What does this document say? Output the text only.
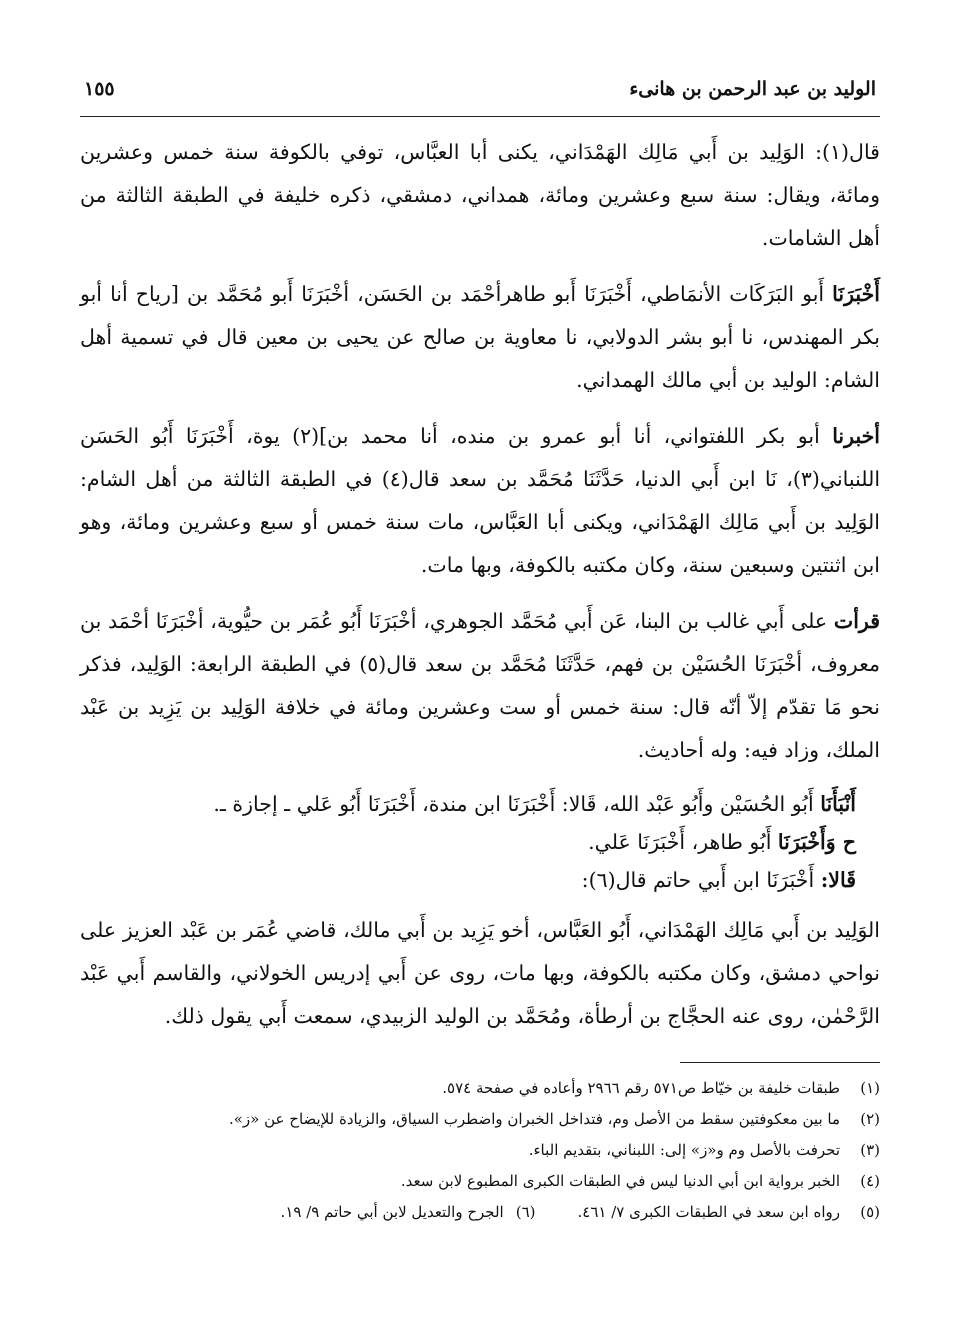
الوليد بن عبد الرحمن بن هانىء
١٥٥

قال(١): الوَلِيد بن أَبي مَالِك الهَمْدَاني، يكنى أبا العبَّاس، توفي بالكوفة سنة خمس وعشرين ومائة، ويقال: سنة سبع وعشرين ومائة، همداني، دمشقي، ذكره خليفة في الطبقة الثالثة من أهل الشامات.

أَخْبَرَنَا أَبو البَرَكَات الأنمَاطي، أَخْبَرَنَا أَبو طاهرأحْمَد بن الحَسَن، أخْبَرَنَا أَبو مُحَمَّد بن [رياح أنا أبو بكر المهندس، نا أبو بشر الدولابي، نا معاوية بن صالح عن يحيى بن معين قال في تسمية أهل الشام: الوليد بن أبي مالك الهمداني.

أخبرنا أبو بكر اللفتواني، أنا أبو عمرو بن منده، أنا محمد بن](٢) يوة، أَخْبَرَنَا أَبُو الحَسَن اللنباني(٣)، نَا ابن أَبي الدنيا، حَدَّثَنَا مُحَمَّد بن سعد قال(٤) في الطبقة الثالثة من أهل الشام: الوَلِيد بن أَبي مَالِك الهَمْدَاني، ويكنى أبا العَبَّاس، مات سنة خمس أو سبع وعشرين ومائة، وهو ابن اثنتين وسبعين سنة، وكان مكتبه بالكوفة، وبها مات.

قرأت على أَبي غالب بن البنا، عَن أَبي مُحَمَّد الجوهري، أخْبَرَنَا أَبُو عُمَر بن حيُّوية، أخْبَرَنَا أحْمَد بن معروف، أخْبَرَنَا الحُسَيْن بن فهم، حَدَّثَنَا مُحَمَّد بن سعد قال(٥) في الطبقة الرابعة: الوَلِيد، فذكر نحو مَا تقدّم إلاّ أنّه قال: سنة خمس أو ست وعشرين ومائة في خلافة الوَلِيد بن يَزِيد بن عَبْد الملك، وزاد فيه: وله أحاديث.

أَنْبَأَنَا أَبُو الحُسَيْن وأَبُو عَبْد الله، قَالا: أَخْبَرَنَا ابن مندة، أَخْبَرَنَا أَبُو عَلي ـ إجازة ـ.
ح وَأَخْبَرَنَا أَبُو طاهر، أَخْبَرَنَا عَلي.
قَالا: أَخْبَرَنَا ابن أَبي حاتم قال(٦):

الوَلِيد بن أَبي مَالِك الهَمْدَاني، أَبُو العَبَّاس، أخو يَزِيد بن أَبي مالك، قاضي عُمَر بن عَبْد العزيز على نواحي دمشق، وكان مكتبه بالكوفة، وبها مات، روى عن أَبي إدريس الخولاني، والقاسم أَبي عَبْد الرَّحْمٰن، روى عنه الحجَّاج بن أرطأة، ومُحَمَّد بن الوليد الزبيدي، سمعت أَبي يقول ذلك.

(١)
طبقات خليفة بن خيّاط ص٥٧١ رقم ٢٩٦٦ وأعاده في صفحة ٥٧٤.
(٢)
ما بين معكوفتين سقط من الأصل وم، فتداخل الخبران واضطرب السياق، والزيادة للإيضاح عن «ز».
(٣)
تحرفت بالأصل وم و«ز» إلى: اللبناني، بتقديم الباء.
(٤)
الخبر برواية ابن أبي الدنيا ليس في الطبقات الكبرى المطبوع لابن سعد.
(٥)
رواه ابن سعد في الطبقات الكبرى ٧/ ٤٦١.
(٦)
الجرح والتعديل لابن أبي حاتم ٩/ ١٩.
